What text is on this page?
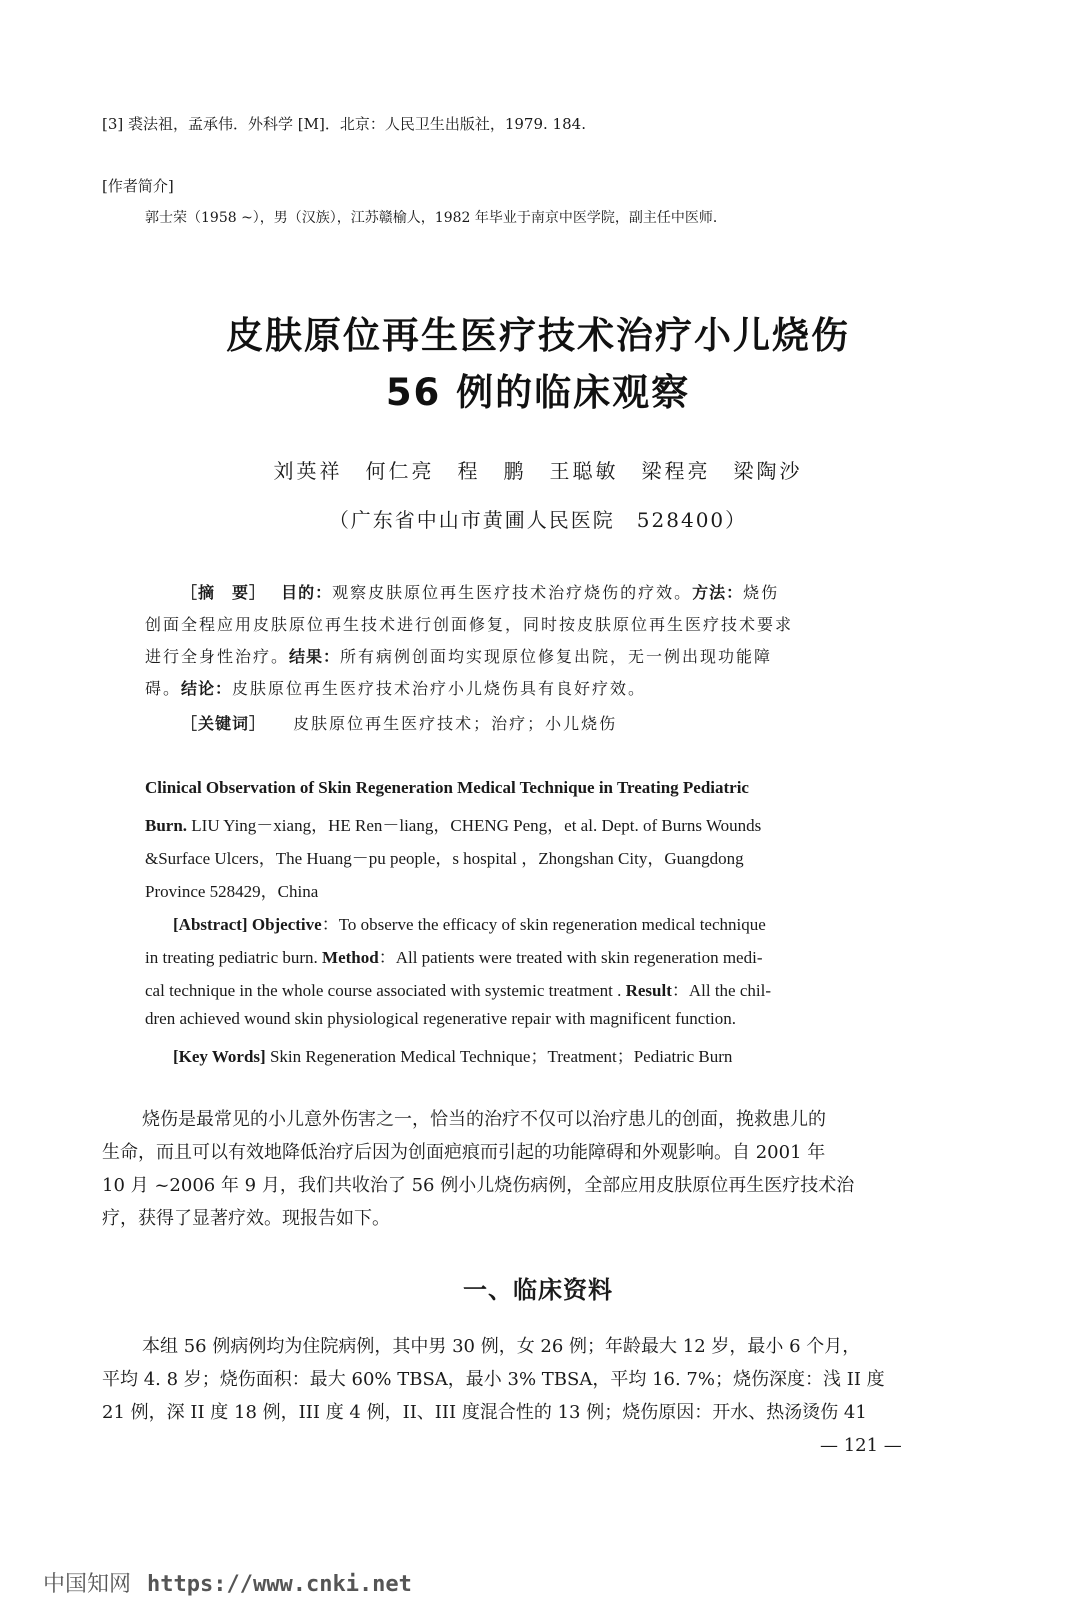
[3] 裘法祖，孟承伟．外科学 [M]．北京：人民卫生出版社，1979. 184.
[作者简介]
郭士荣（1958 ~），男（汉族），江苏赣榆人，1982 年毕业于南京中医学院，副主任中医师．
皮肤原位再生医疗技术治疗小儿烧伤
56 例的临床观察
刘英祥　何仁亮　程　鹏　王聪敏　梁程亮　梁陶沙
（广东省中山市黄圃人民医院　528400）
［摘　要］ 目的：观察皮肤原位再生医疗技术治疗烧伤的疗效。方法：烧伤
创面全程应用皮肤原位再生技术进行创面修复，同时按皮肤原位再生医疗技术要求
进行全身性治疗。结果：所有病例创面均实现原位修复出院，无一例出现功能障
碍。结论：皮肤原位再生医疗技术治疗小儿烧伤具有良好疗效。
［关键词］ 皮肤原位再生医疗技术；治疗；小儿烧伤
Clinical Observation of Skin Regeneration Medical Technique in Treating Pediatric
Burn. LIU Ying－xiang，HE Ren－liang，CHENG Peng，et al. Dept. of Burns Wounds
&Surface Ulcers，The Huang－pu people，s hospital ，Zhongshan City，Guangdong
Province 528429，China
[Abstract] Objective：To observe the efficacy of skin regeneration medical technique
in treating pediatric burn. Method：All patients were treated with skin regeneration medi-
cal technique in the whole course associated with systemic treatment . Result：All the chil-
dren achieved wound skin physiological regenerative repair with magnificent function.
[Key Words] Skin Regeneration Medical Technique；Treatment；Pediatric Burn
烧伤是最常见的小儿意外伤害之一，恰当的治疗不仅可以治疗患儿的创面，挽救患儿的
生命，而且可以有效地降低治疗后因为创面疤痕而引起的功能障碍和外观影响。自 2001 年
10 月 ~2006 年 9 月，我们共收治了 56 例小儿烧伤病例，全部应用皮肤原位再生医疗技术治
疗，获得了显著疗效。现报告如下。
一、临床资料
本组 56 例病例均为住院病例，其中男 30 例，女 26 例；年龄最大 12 岁，最小 6 个月，
平均 4. 8 岁；烧伤面积：最大 60% TBSA，最小 3% TBSA，平均 16. 7%；烧伤深度：浅 II 度
21 例，深 II 度 18 例，III 度 4 例，II、III 度混合性的 13 例；烧伤原因：开水、热汤烫伤 41
— 121 —
中国知网 https://www.cnki.net
